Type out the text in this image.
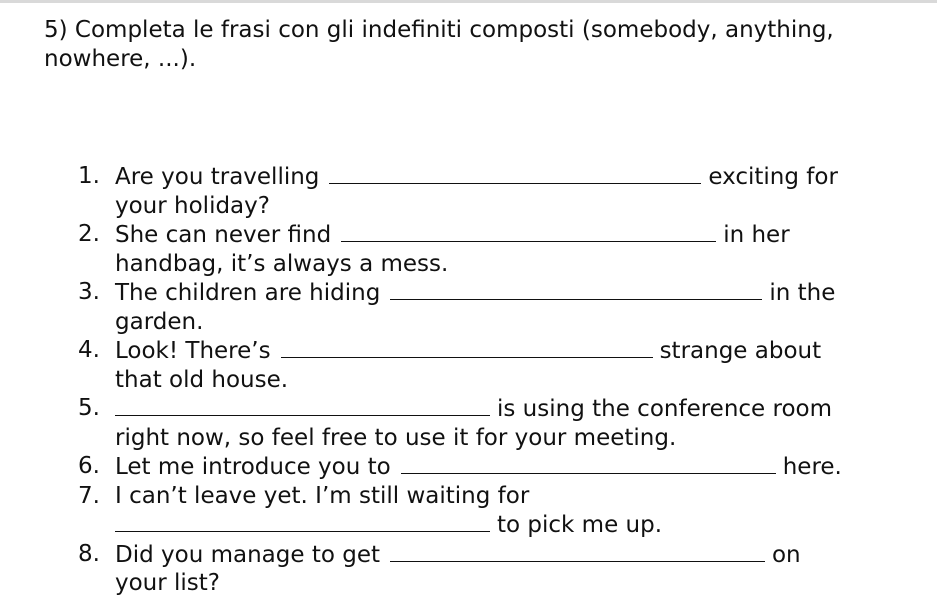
5) Completa le frasi con gli indefiniti composti (somebody, anything,
nowhere, ...).

1. Are you travelling	exciting for
your holiday?
2. She can never find	in her
handbag, it’s always a mess.
3. The children are hiding	in the
garden.
4. Look! There’s	strange about
that old house.
5.	is using the conference room
right now, so feel free to use it for your meeting.
6. Let me introduce you to	here.
7. I can’t leave yet. I’m still waiting for
to pick me up.
8. Did you manage to get	on
your list?
